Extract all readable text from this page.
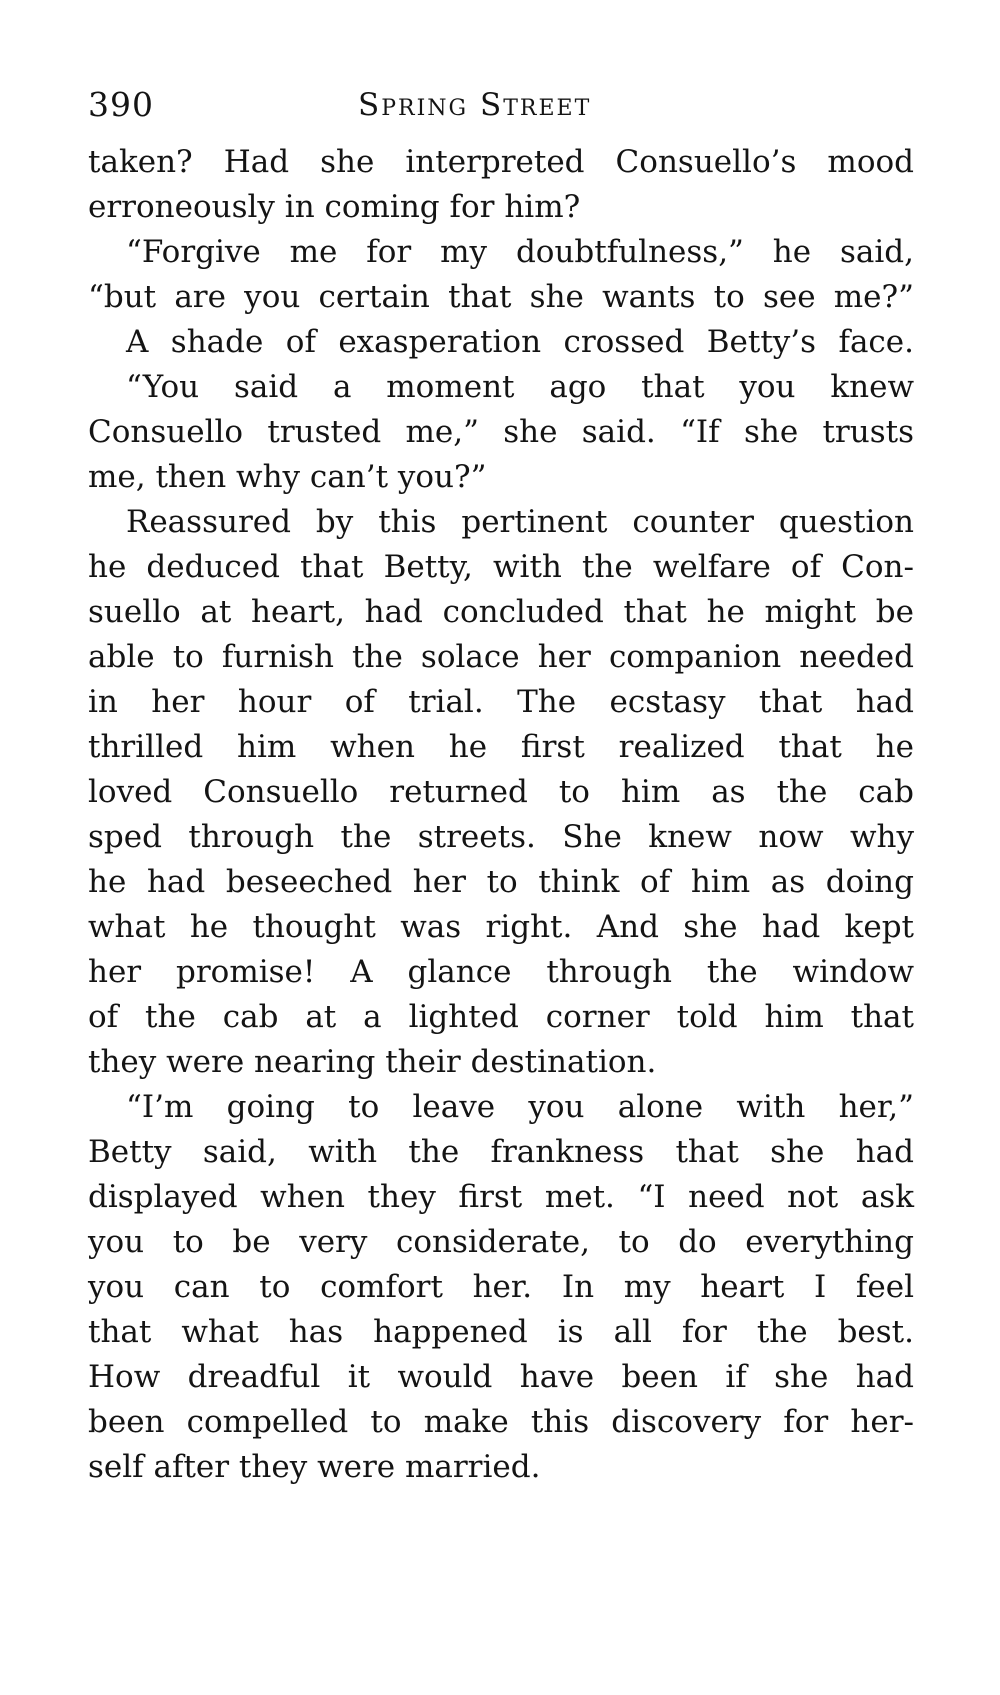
390	Spring Street
taken? Had she interpreted Consuello’s mood
erroneously in coming for him?
“Forgive me for my doubtfulness,” he said,
“but are you certain that she wants to see me?”
A shade of exasperation crossed Betty’s face.
“You said a moment ago that you knew
Consuello trusted me,” she said. “If she trusts
me, then why can’t you?”
Reassured by this pertinent counter question
he deduced that Betty, with the welfare of Con-
suello at heart, had concluded that he might be
able to furnish the solace her companion needed
in her hour of trial. The ecstasy that had
thrilled him when he first realized that he
loved Consuello returned to him as the cab
sped through the streets. She knew now why
he had beseeched her to think of him as doing
what he thought was right. And she had kept
her promise! A glance through the window
of the cab at a lighted corner told him that
they were nearing their destination.
“I’m going to leave you alone with her,”
Betty said, with the frankness that she had
displayed when they first met. “I need not ask
you to be very considerate, to do everything
you can to comfort her. In my heart I feel
that what has happened is all for the best.
How dreadful it would have been if she had
been compelled to make this discovery for her-
self after they were married.
